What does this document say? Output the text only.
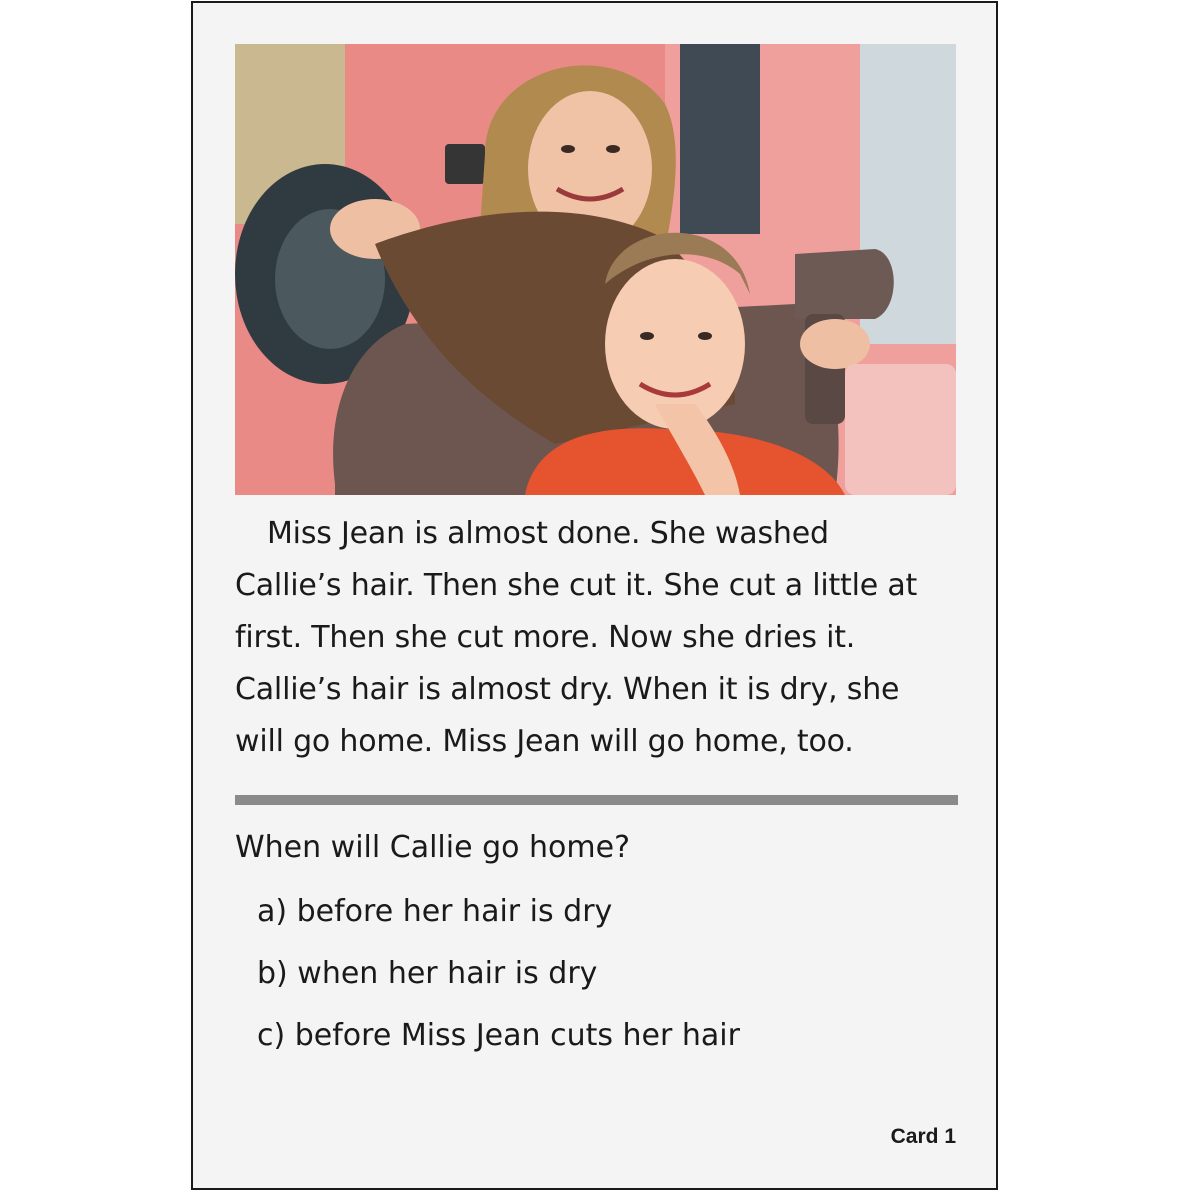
Miss Jean is almost done. She washed Callie’s hair. Then she cut it. She cut a little at first. Then she cut more. Now she dries it. Callie’s hair is almost dry. When it is dry, she will go home. Miss Jean will go home, too.

When will Callie go home?

a) before her hair is dry
b) when her hair is dry
c) before Miss Jean cuts her hair
Card 1
